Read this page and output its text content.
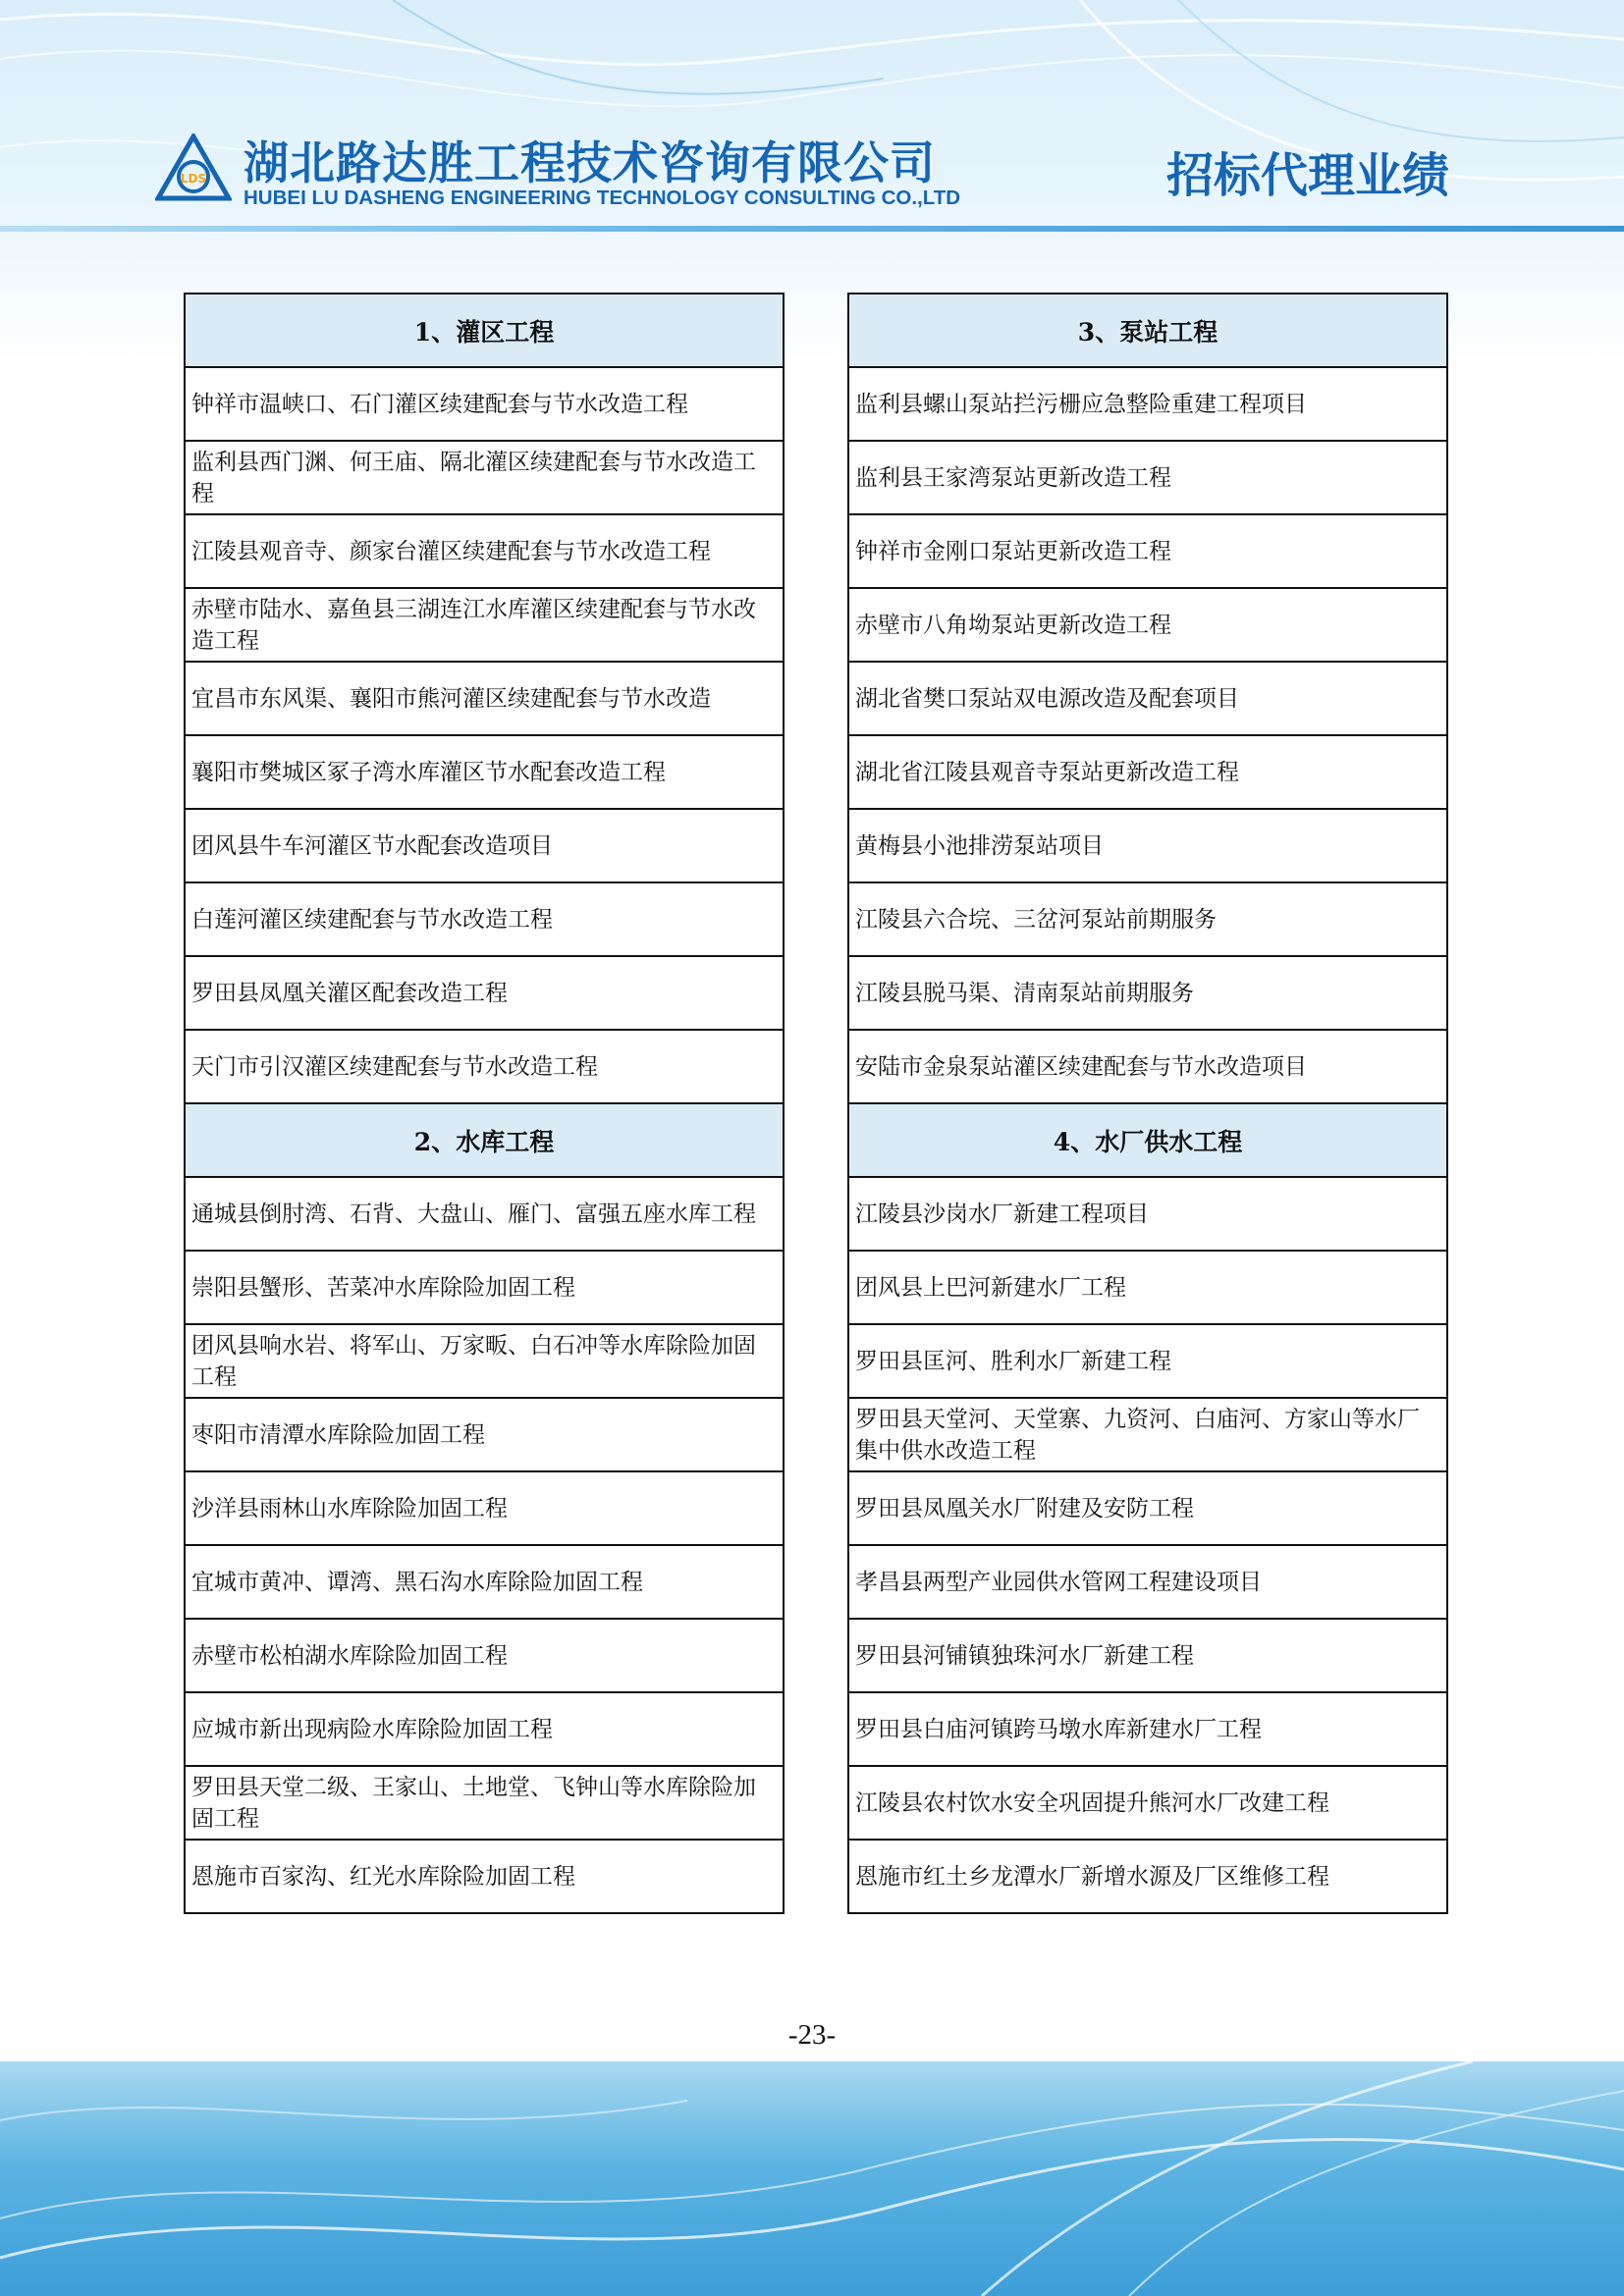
LDS 湖北路达胜工程技术咨询有限公司

HUBEI LU DASHENG ENGINEERING TECHNOLOGY CONSULTING CO.,LTD	招标代理业绩
1、灌区工程
钟祥市温峡口、石门灌区续建配套与节水改造工程
监利县西门渊、何王庙、隔北灌区续建配套与节水改造工程
江陵县观音寺、颜家台灌区续建配套与节水改造工程
赤壁市陆水、嘉鱼县三湖连江水库灌区续建配套与节水改造工程
宜昌市东风渠、襄阳市熊河灌区续建配套与节水改造
襄阳市樊城区冢子湾水库灌区节水配套改造工程
团风县牛车河灌区节水配套改造项目
白莲河灌区续建配套与节水改造工程
罗田县凤凰关灌区配套改造工程
天门市引汉灌区续建配套与节水改造工程
2、水库工程
通城县倒肘湾、石背、大盘山、雁门、富强五座水库工程
崇阳县蟹形、苦菜冲水库除险加固工程
团风县响水岩、将军山、万家畈、白石冲等水库除险加固工程
枣阳市清潭水库除险加固工程
沙洋县雨林山水库除险加固工程
宜城市黄冲、谭湾、黑石沟水库除险加固工程
赤壁市松柏湖水库除险加固工程
应城市新出现病险水库除险加固工程
罗田县天堂二级、王家山、土地堂、飞钟山等水库除险加固工程
恩施市百家沟、红光水库除险加固工程
3、泵站工程
监利县螺山泵站拦污栅应急整险重建工程项目
监利县王家湾泵站更新改造工程
钟祥市金刚口泵站更新改造工程
赤壁市八角坳泵站更新改造工程
湖北省樊口泵站双电源改造及配套项目
湖北省江陵县观音寺泵站更新改造工程
黄梅县小池排涝泵站项目
江陵县六合垸、三岔河泵站前期服务
江陵县脱马渠、清南泵站前期服务
安陆市金泉泵站灌区续建配套与节水改造项目
4、水厂供水工程
江陵县沙岗水厂新建工程项目
团风县上巴河新建水厂工程
罗田县匡河、胜利水厂新建工程
罗田县天堂河、天堂寨、九资河、白庙河、方家山等水厂集中供水改造工程
罗田县凤凰关水厂附建及安防工程
孝昌县两型产业园供水管网工程建设项目
罗田县河铺镇独珠河水厂新建工程
罗田县白庙河镇跨马墩水库新建水厂工程
江陵县农村饮水安全巩固提升熊河水厂改建工程
恩施市红土乡龙潭水厂新增水源及厂区维修工程

-23-
